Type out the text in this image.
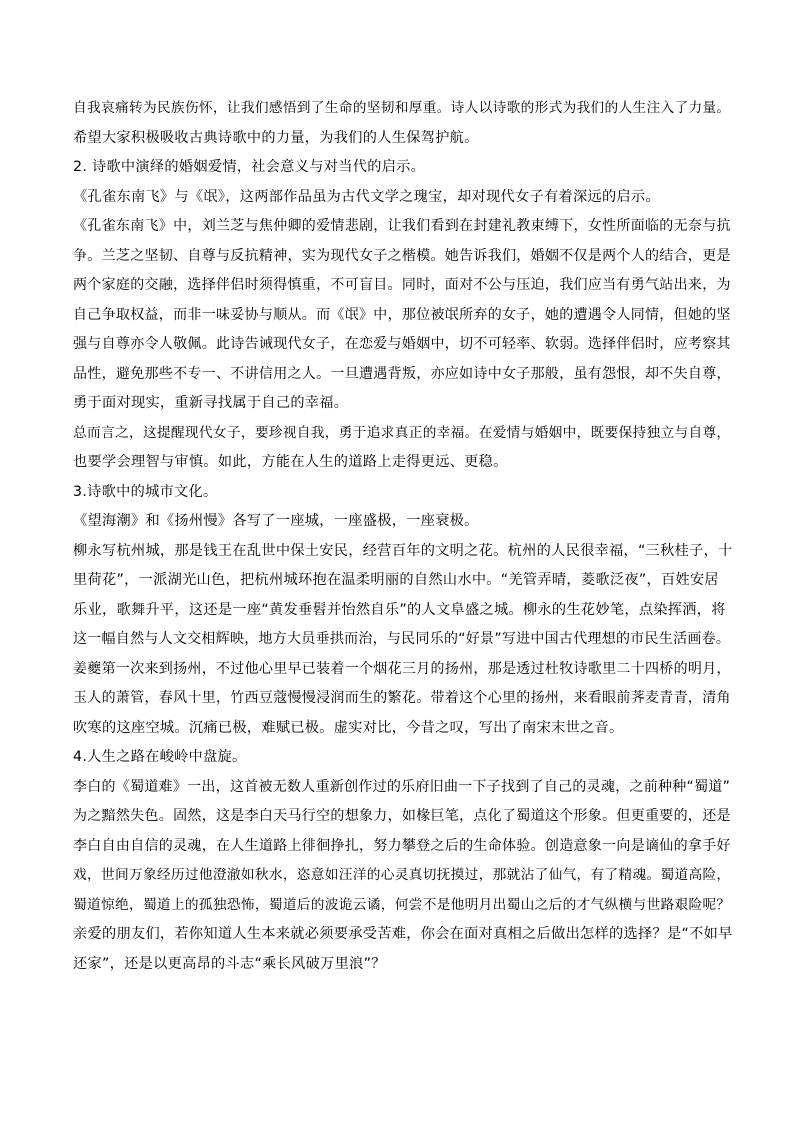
自我哀痛转为民族伤怀，让我们感悟到了生命的坚韧和厚重。诗人以诗歌的形式为我们的人生注入了力量。
希望大家积极吸收古典诗歌中的力量，为我们的人生保驾护航。
2. 诗歌中演绎的婚姻爱情，社会意义与对当代的启示。
《孔雀东南飞》与《氓》，这两部作品虽为古代文学之瑰宝，却对现代女子有着深远的启示。
《孔雀东南飞》中，刘兰芝与焦仲卿的爱情悲剧，让我们看到在封建礼教束缚下，女性所面临的无奈与抗
争。兰芝之坚韧、自尊与反抗精神，实为现代女子之楷模。她告诉我们，婚姻不仅是两个人的结合，更是
两个家庭的交融，选择伴侣时须得慎重，不可盲目。同时，面对不公与压迫，我们应当有勇气站出来，为
自己争取权益，而非一味妥协与顺从。而《氓》中，那位被氓所弃的女子，她的遭遇令人同情，但她的坚
强与自尊亦令人敬佩。此诗告诫现代女子，在恋爱与婚姻中，切不可轻率、软弱。选择伴侣时，应考察其
品性，避免那些不专一、不讲信用之人。一旦遭遇背叛，亦应如诗中女子那般，虽有怨恨，却不失自尊，
勇于面对现实，重新寻找属于自己的幸福。
总而言之，这提醒现代女子，要珍视自我，勇于追求真正的幸福。在爱情与婚姻中，既要保持独立与自尊，
也要学会理智与审慎。如此，方能在人生的道路上走得更远、更稳。
3.诗歌中的城市文化。
《望海潮》和《扬州慢》各写了一座城，一座盛极，一座衰极。
柳永写杭州城，那是钱王在乱世中保土安民，经营百年的文明之花。杭州的人民很幸福，“三秋桂子，十
里荷花”，一派湖光山色，把杭州城环抱在温柔明丽的自然山水中。“羌管弄晴，菱歌泛夜”，百姓安居
乐业，歌舞升平，这还是一座“黄发垂髫并怡然自乐”的人文阜盛之城。柳永的生花妙笔，点染挥洒，将
这一幅自然与人文交相辉映，地方大员垂拱而治，与民同乐的“好景”写进中国古代理想的市民生活画卷。
姜夔第一次来到扬州，不过他心里早已装着一个烟花三月的扬州，那是透过杜牧诗歌里二十四桥的明月，
玉人的萧管，春风十里，竹西豆蔻慢慢浸润而生的繁花。带着这个心里的扬州，来看眼前荠麦青青，清角
吹寒的这座空城。沉痛已极，难赋已极。虚实对比，今昔之叹，写出了南宋末世之音。
4.人生之路在峻岭中盘旋。
李白的《蜀道难》一出，这首被无数人重新创作过的乐府旧曲一下子找到了自己的灵魂，之前种种“蜀道”
为之黯然失色。固然，这是李白天马行空的想象力，如椽巨笔，点化了蜀道这个形象。但更重要的，还是
李白自由自信的灵魂，在人生道路上徘徊挣扎，努力攀登之后的生命体验。创造意象一向是谪仙的拿手好
戏，世间万象经历过他澄澈如秋水，恣意如汪洋的心灵真切抚摸过，那就沾了仙气，有了精魂。蜀道高险，
蜀道惊绝，蜀道上的孤独恐怖，蜀道后的波诡云谲，何尝不是他明月出蜀山之后的才气纵横与世路艰险呢？
亲爱的朋友们，若你知道人生本来就必须要承受苦难，你会在面对真相之后做出怎样的选择？是“不如早
还家”，还是以更高昂的斗志“乘长风破万里浪”？
